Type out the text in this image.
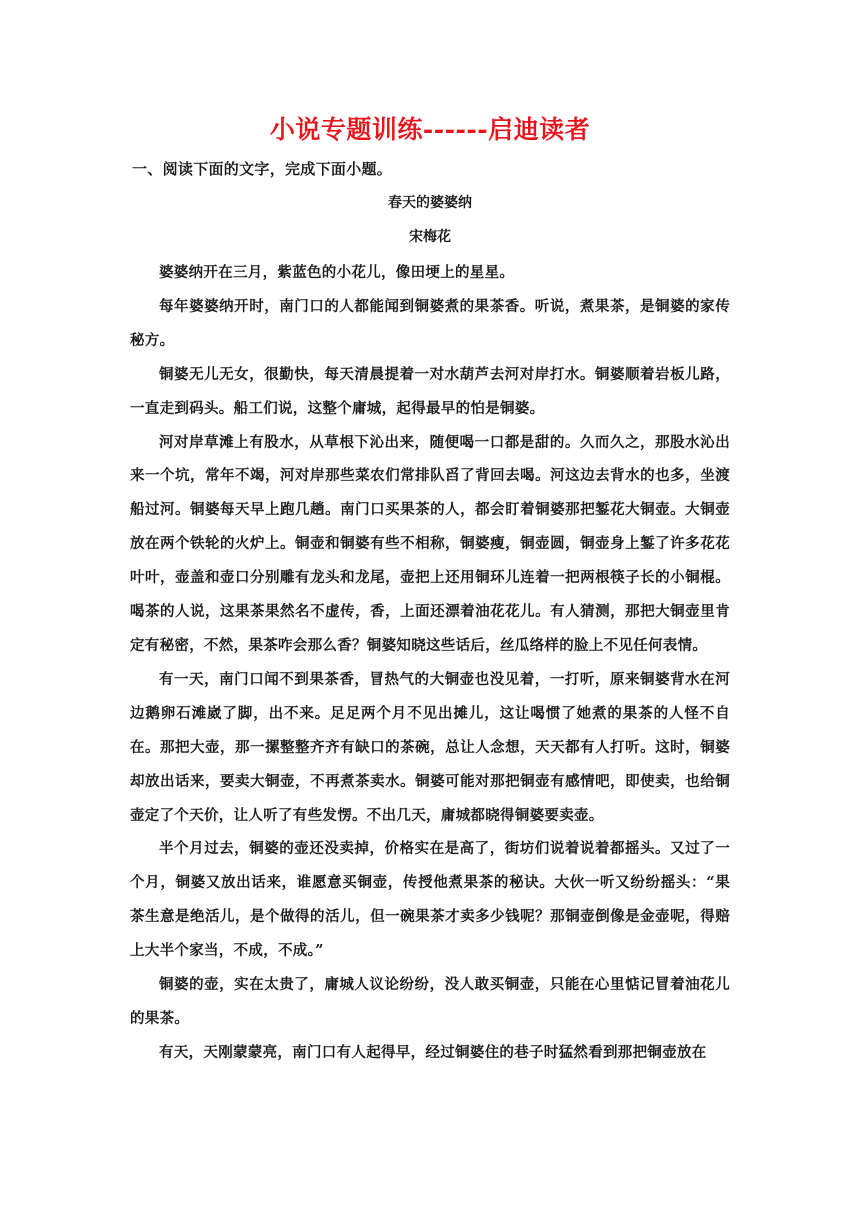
小说专题训练------启迪读者
一、阅读下面的文字，完成下面小题。
春天的婆婆纳
宋梅花

婆婆纳开在三月，紫蓝色的小花儿，像田埂上的星星。

每年婆婆纳开时，南门口的人都能闻到铜婆煮的果茶香。听说，煮果茶，是铜婆的家传秘方。

铜婆无儿无女，很勤快，每天清晨提着一对水葫芦去河对岸打水。铜婆顺着岩板儿路，一直走到码头。船工们说，这整个庸城，起得最早的怕是铜婆。

河对岸草滩上有股水，从草根下沁出来，随便喝一口都是甜的。久而久之，那股水沁出来一个坑，常年不竭，河对岸那些菜农们常排队舀了背回去喝。河这边去背水的也多，坐渡船过河。铜婆每天早上跑几趟。南门口买果茶的人，都会盯着铜婆那把錾花大铜壶。大铜壶放在两个铁轮的火炉上。铜壶和铜婆有些不相称，铜婆瘦，铜壶圆，铜壶身上錾了许多花花叶叶，壶盖和壶口分别雕有龙头和龙尾，壶把上还用铜环儿连着一把两根筷子长的小铜棍。喝茶的人说，这果茶果然名不虚传，香，上面还漂着油花花儿。有人猜测，那把大铜壶里肯定有秘密，不然，果茶咋会那么香？铜婆知晓这些话后，丝瓜络样的脸上不见任何表情。

有一天，南门口闻不到果茶香，冒热气的大铜壶也没见着，一打听，原来铜婆背水在河边鹅卵石滩崴了脚，出不来。足足两个月不见出摊儿，这让喝惯了她煮的果茶的人怪不自在。那把大壶，那一摞整整齐齐有缺口的茶碗，总让人念想，天天都有人打听。这时，铜婆却放出话来，要卖大铜壶，不再煮茶卖水。铜婆可能对那把铜壶有感情吧，即使卖，也给铜壶定了个天价，让人听了有些发愣。不出几天，庸城都晓得铜婆要卖壶。

半个月过去，铜婆的壶还没卖掉，价格实在是高了，街坊们说着说着都摇头。又过了一个月，铜婆又放出话来，谁愿意买铜壶，传授他煮果茶的秘诀。大伙一听又纷纷摇头：“果茶生意是绝活儿，是个做得的活儿，但一碗果茶才卖多少钱呢？那铜壶倒像是金壶呢，得赔上大半个家当，不成，不成。”

铜婆的壶，实在太贵了，庸城人议论纷纷，没人敢买铜壶，只能在心里惦记冒着油花儿的果茶。

有天，天刚蒙蒙亮，南门口有人起得早，经过铜婆住的巷子时猛然看到那把铜壶放在
